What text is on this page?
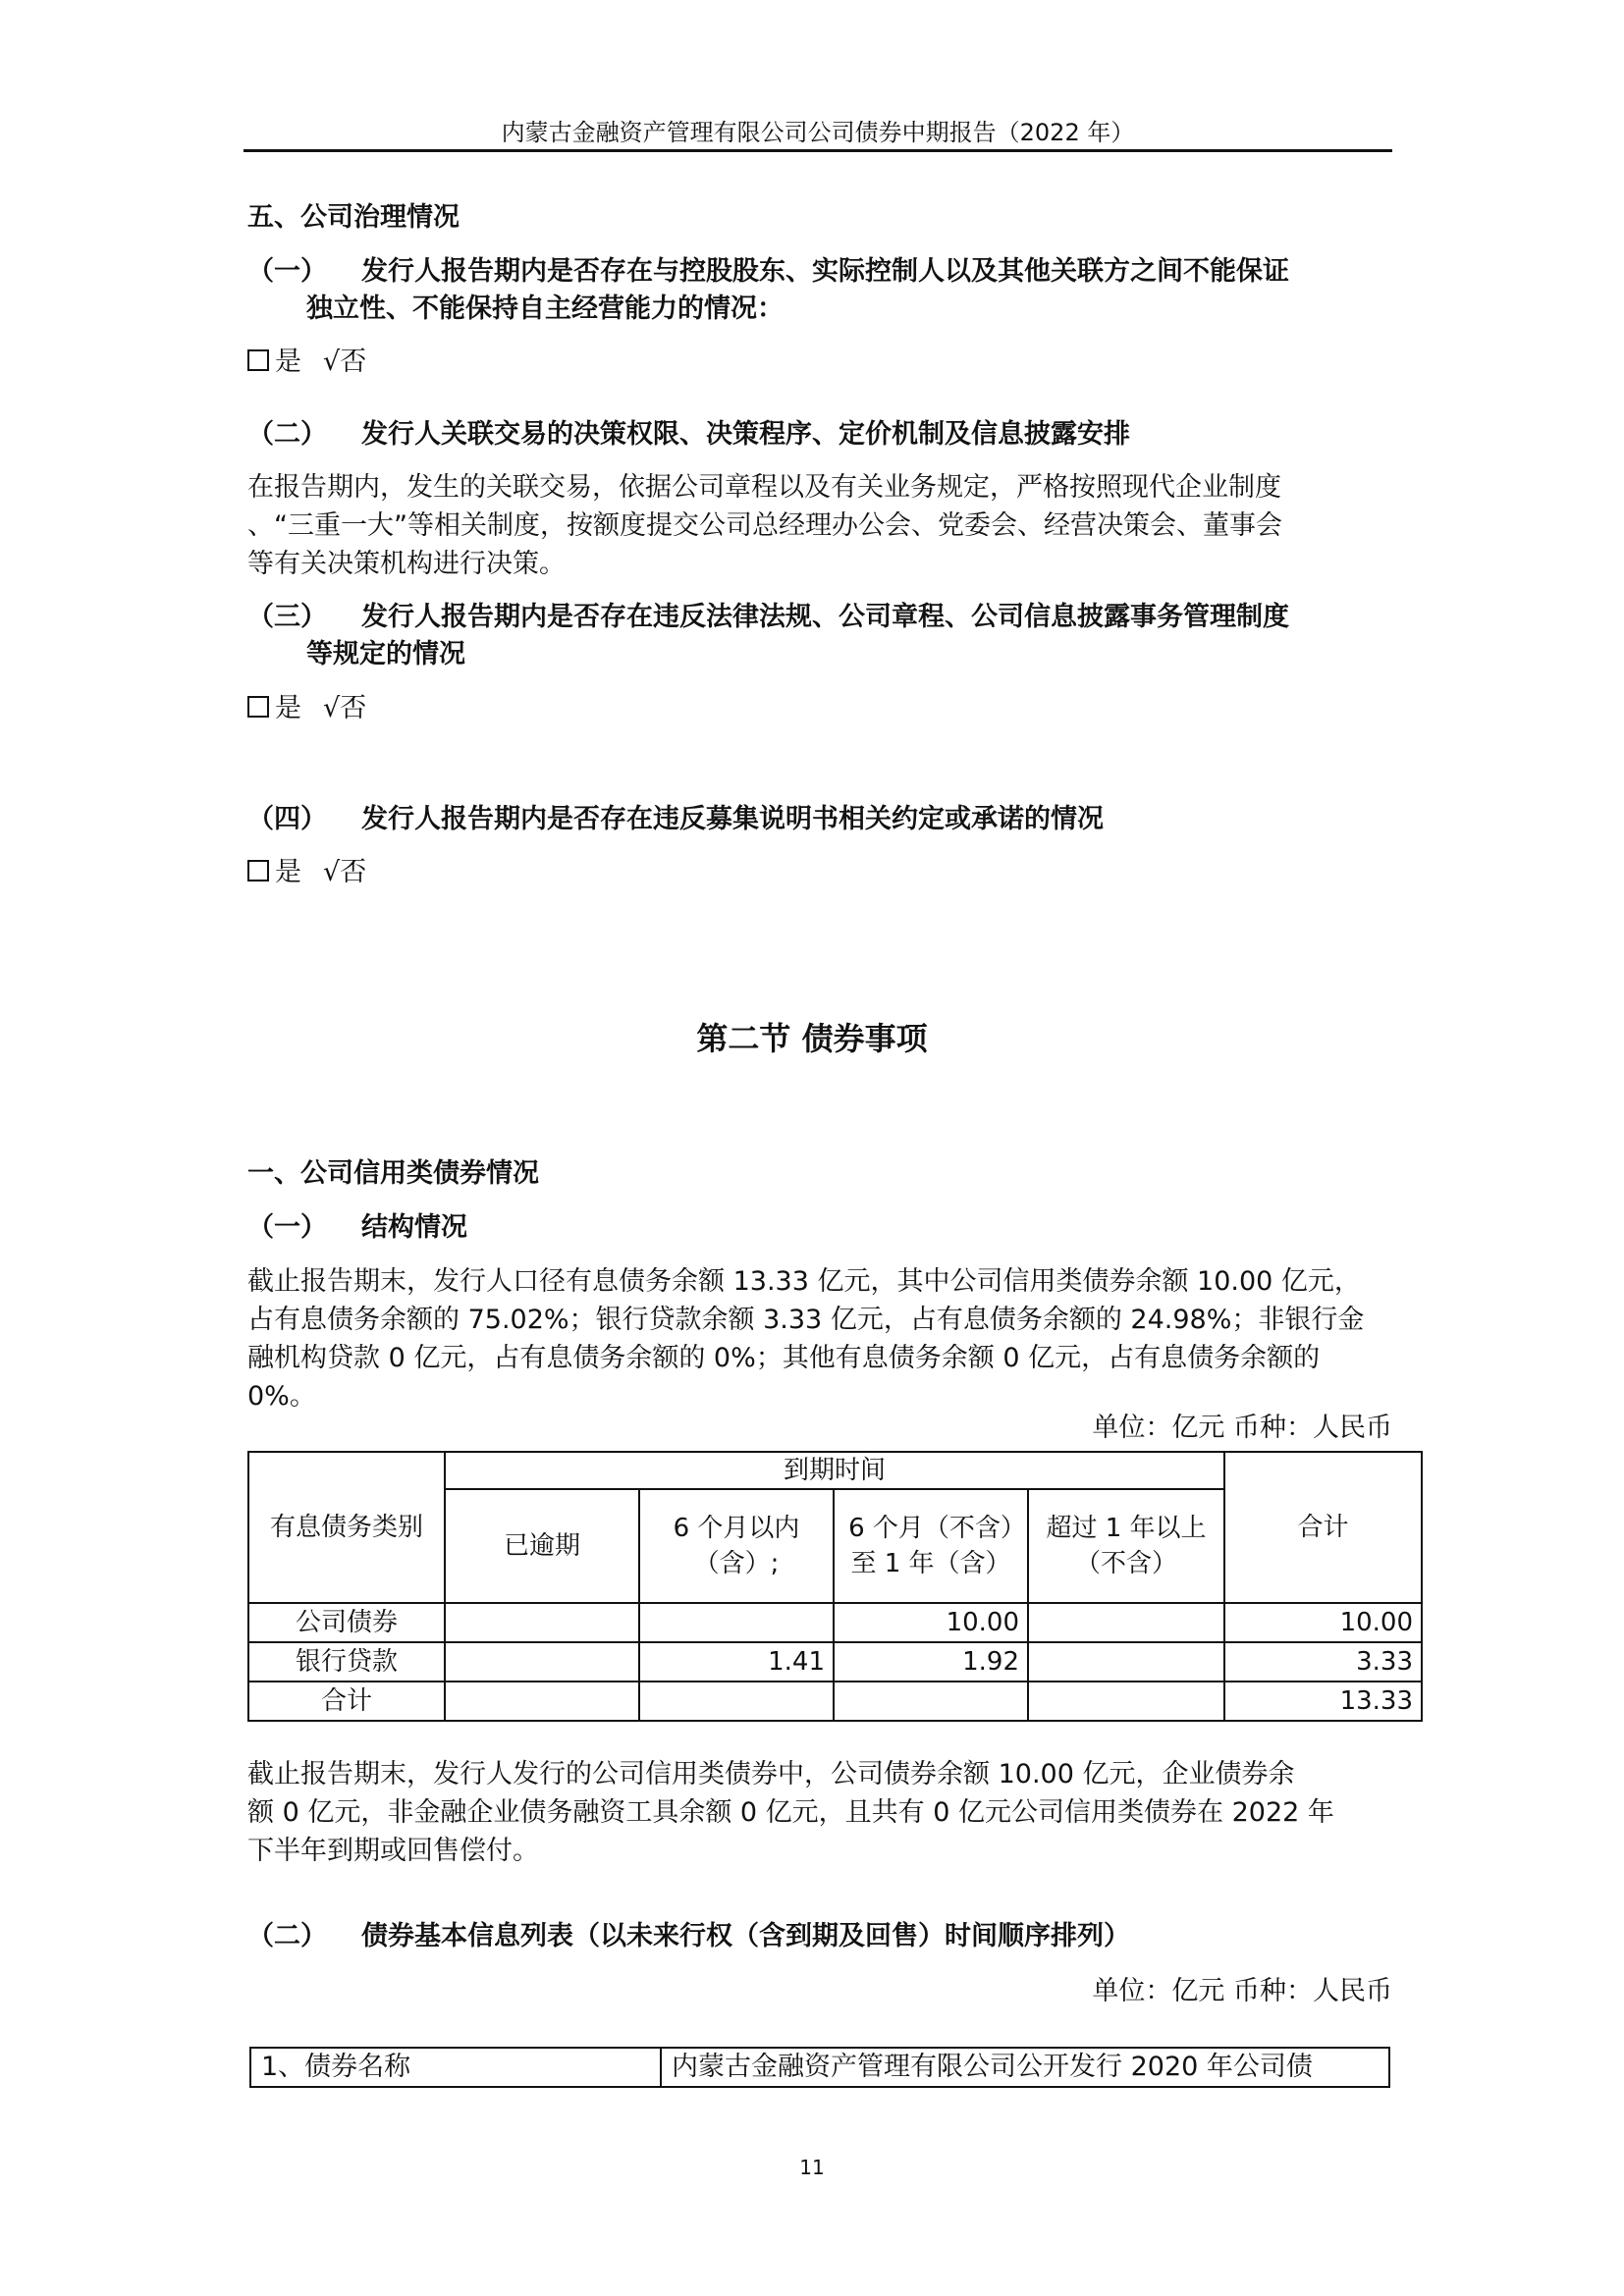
内蒙古金融资产管理有限公司公司债券中期报告（2022 年）
五、公司治理情况
（一） 发行人报告期内是否存在与控股股东、实际控制人以及其他关联方之间不能保证
独立性、不能保持自主经营能力的情况：
是 √否
（二） 发行人关联交易的决策权限、决策程序、定价机制及信息披露安排
在报告期内，发生的关联交易，依据公司章程以及有关业务规定，严格按照现代企业制度
、“三重一大”等相关制度，按额度提交公司总经理办公会、党委会、经营决策会、董事会
等有关决策机构进行决策。
（三） 发行人报告期内是否存在违反法律法规、公司章程、公司信息披露事务管理制度
等规定的情况
是 √否
（四） 发行人报告期内是否存在违反募集说明书相关约定或承诺的情况
是 √否
第二节 债券事项
一、公司信用类债券情况
（一） 结构情况
截止报告期末，发行人口径有息债务余额 13.33 亿元，其中公司信用类债券余额 10.00 亿元，
占有息债务余额的 75.02%；银行贷款余额 3.33 亿元，占有息债务余额的 24.98%；非银行金
融机构贷款 0 亿元，占有息债务余额的 0%；其他有息债务余额 0 亿元，占有息债务余额的
0%。
单位：亿元 币种：人民币
有息债务类别	到期时间				合计
	已逾期	6 个月以内（含）;	6 个月（不含）至 1 年（含）	超过 1 年以上（不含）	
公司债券			10.00		10.00
银行贷款		1.41	1.92		3.33
合计					13.33
截止报告期末，发行人发行的公司信用类债券中，公司债券余额 10.00 亿元，企业债券余
额 0 亿元，非金融企业债务融资工具余额 0 亿元，且共有 0 亿元公司信用类债券在 2022 年
下半年到期或回售偿付。
（二） 债券基本信息列表（以未来行权（含到期及回售）时间顺序排列）
单位：亿元 币种：人民币
1、债券名称	内蒙古金融资产管理有限公司公开发行 2020 年公司债
11
